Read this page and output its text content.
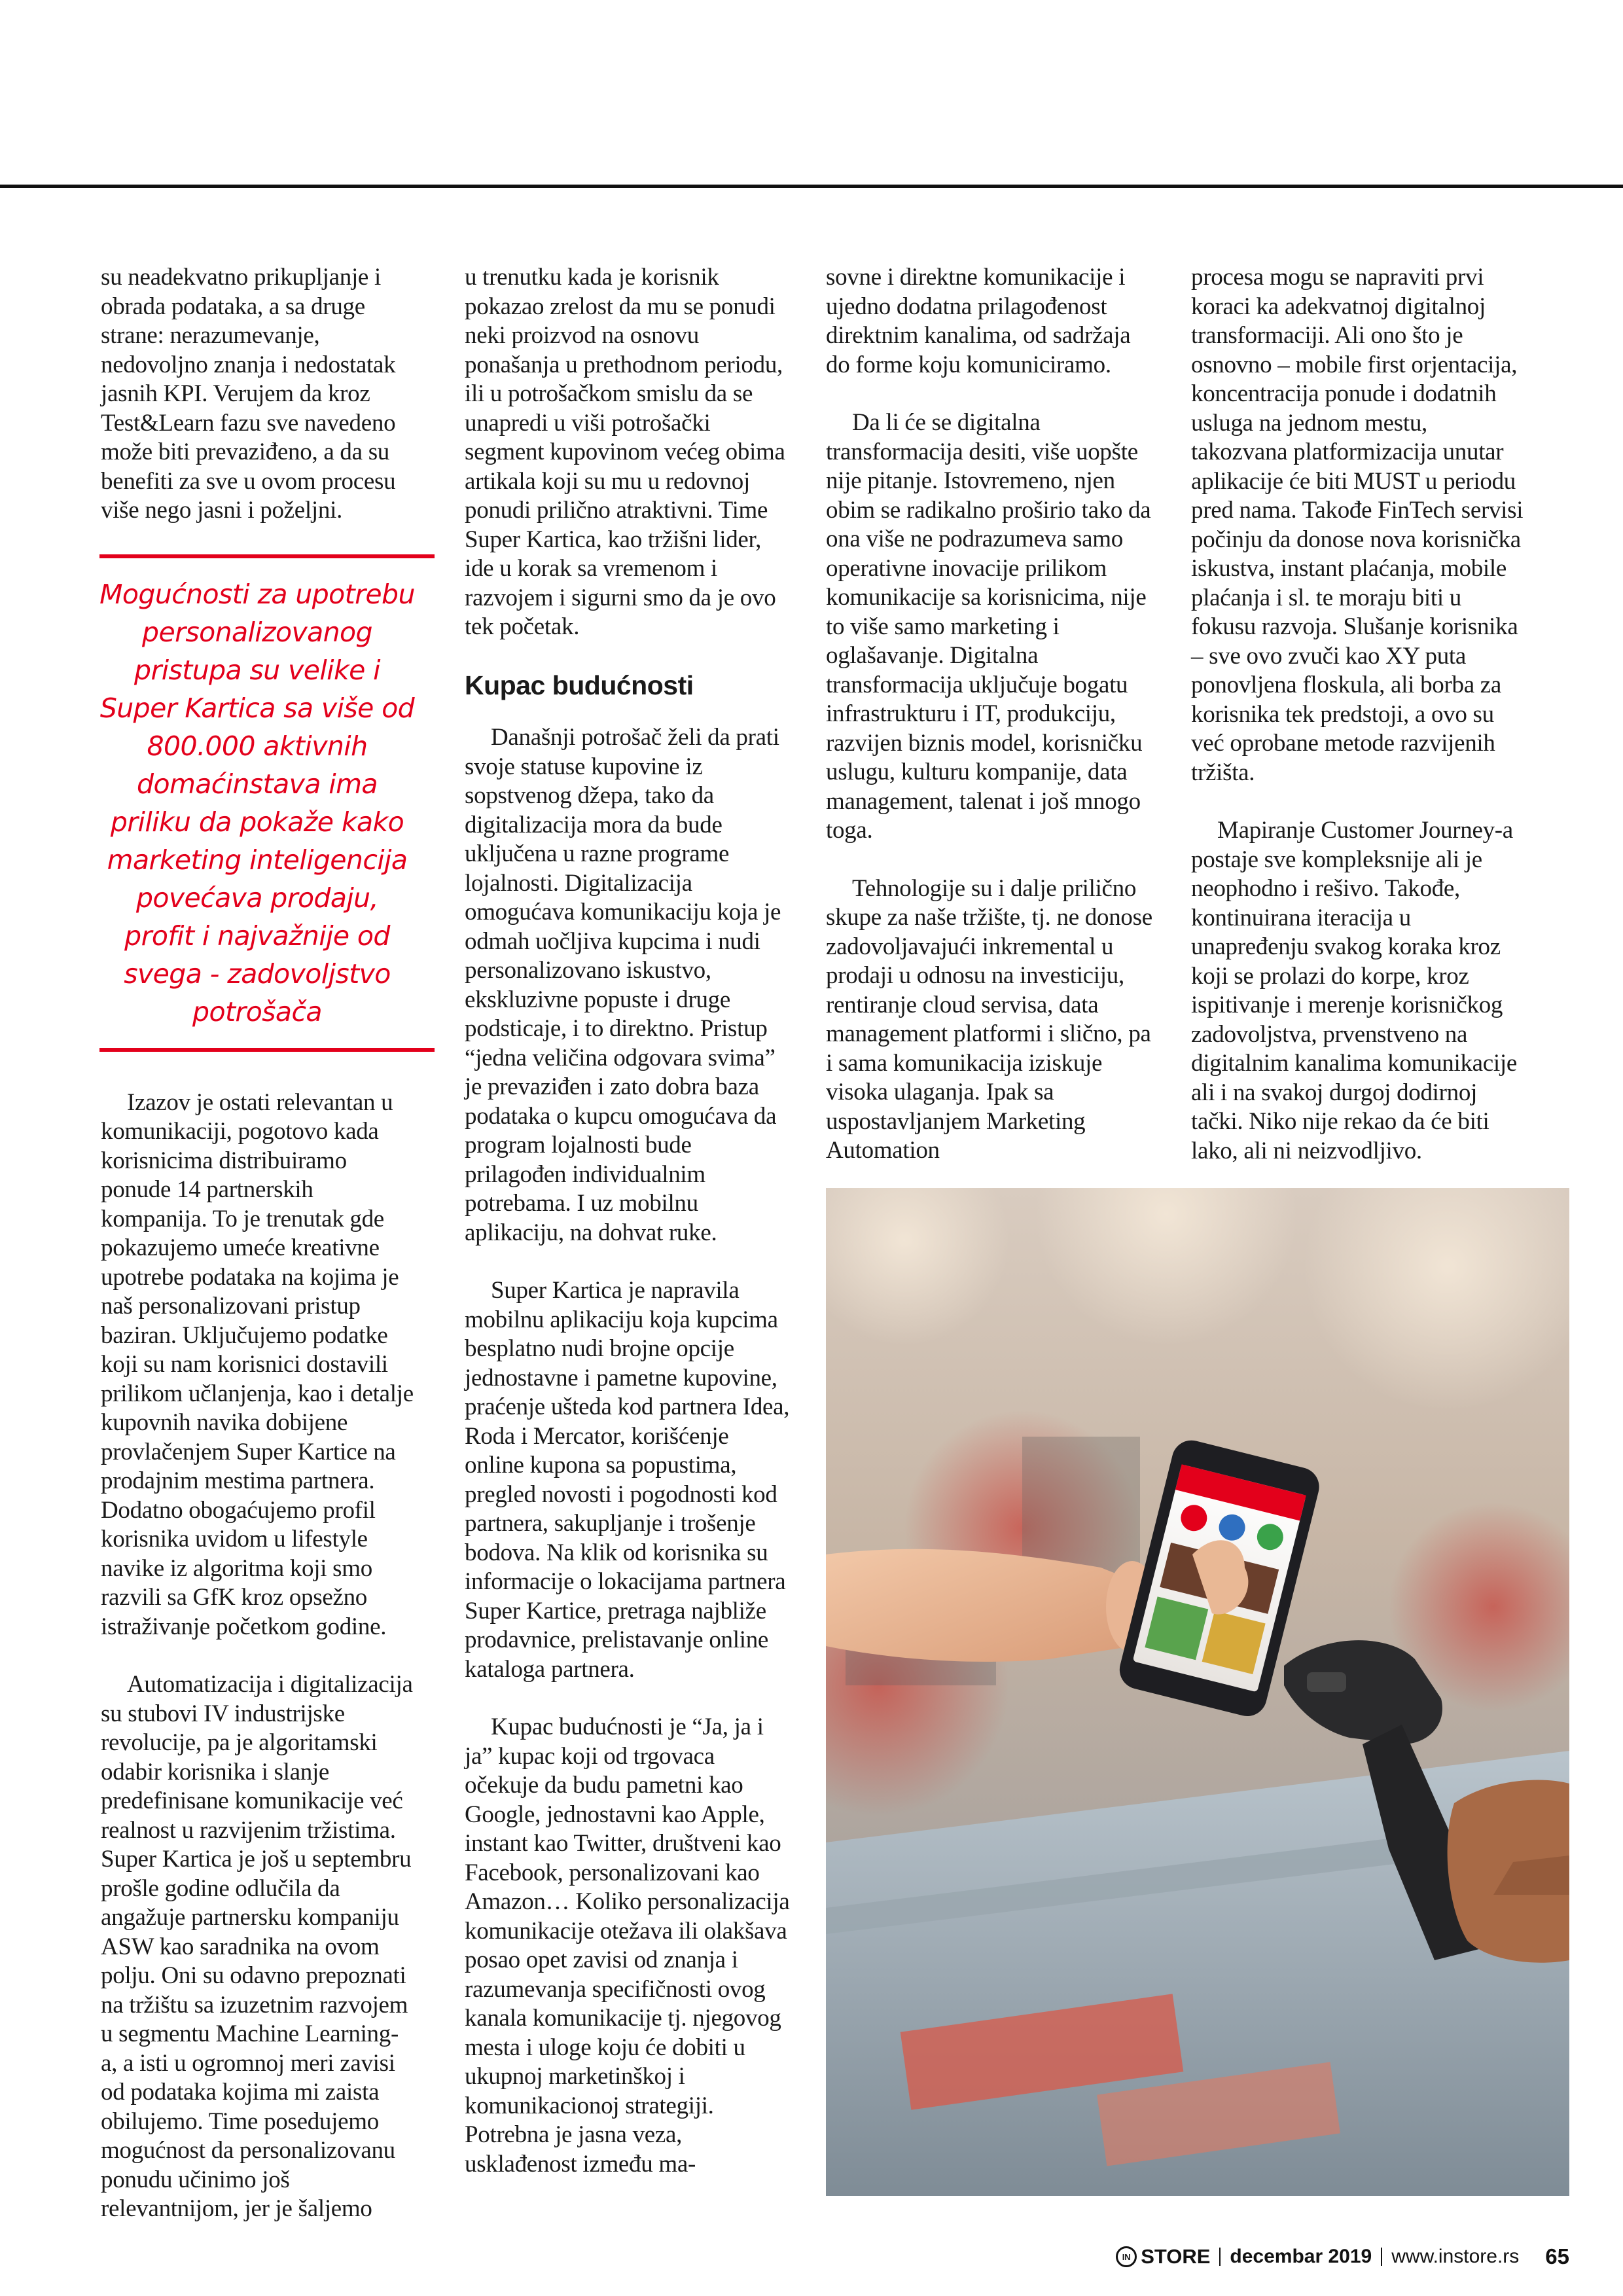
su neadekvatno prikupljanje i obrada podataka, a sa druge strane: nerazumevanje, nedovoljno znanja i nedostatak jasnih KPI. Verujem da kroz Test&Learn fazu sve navedeno može biti prevaziđeno, a da su benefiti za sve u ovom procesu više nego jasni i poželjni.

Mogućnosti za upotrebu personalizovanog pristupa su velike i Super Kartica sa više od 800.000 aktivnih domaćinstava ima priliku da pokaže kako marketing inteligencija povećava prodaju, profit i najvažnije od svega - zadovoljstvo potrošača

Izazov je ostati relevantan u komunikaciji, pogotovo kada korisnicima distribuiramo ponude 14 partnerskih kompanija. To je trenutak gde pokazujemo umeće kreativne upotrebe podataka na kojima je naš personalizovani pristup baziran. Uključujemo podatke koji su nam korisnici dostavili prilikom učlanjenja, kao i detalje kupovnih navika dobijene provlačenjem Super Kartice na prodajnim mestima partnera. Dodatno obogaćujemo profil korisnika uvidom u lifestyle navike iz algoritma koji smo razvili sa GfK kroz opsežno istraživanje početkom godine.

Automatizacija i digitalizacija su stubovi IV industrijske revolucije, pa je algoritamski odabir korisnika i slanje predefinisane komunikacije već realnost u razvijenim tržistima. Super Kartica je još u septembru prošle godine odlučila da angažuje partnersku kompaniju ASW kao saradnika na ovom polju. Oni su odavno prepoznati na tržištu sa izuzetnim razvojem u segmentu Machine Learning-a, a isti u ogromnoj meri zavisi od podataka kojima mi zaista obilujemo. Time posedujemo mogućnost da personalizovanu ponudu učinimo još relevantnijom, jer je šaljemo

u trenutku kada je korisnik pokazao zrelost da mu se ponudi neki proizvod na osnovu ponašanja u prethodnom periodu, ili u potrošačkom smislu da se unapredi u viši potrošački segment kupovinom većeg obima artikala koji su mu u redovnoj ponudi prilično atraktivni. Time Super Kartica, kao tržišni lider, ide u korak sa vremenom i razvojem i sigurni smo da je ovo tek početak.

Kupac budućnosti

Današnji potrošač želi da prati svoje statuse kupovine iz sopstvenog džepa, tako da digitalizacija mora da bude uključena u razne programe lojalnosti. Digitalizacija omogućava komunikaciju koja je odmah uočljiva kupcima i nudi personalizovano iskustvo, ekskluzivne popuste i druge podsticaje, i to direktno. Pristup “jedna veličina odgovara svima” je prevaziđen i zato dobra baza podataka o kupcu omogućava da program lojalnosti bude prilagođen individualnim potrebama. I uz mobilnu aplikaciju, na dohvat ruke.

Super Kartica je napravila mobilnu aplikaciju koja kupcima besplatno nudi brojne opcije jednostavne i pametne kupovine, praćenje ušteda kod partnera Idea, Roda i Mercator, korišćenje online kupona sa popustima, pregled novosti i pogodnosti kod partnera, sakupljanje i trošenje bodova. Na klik od korisnika su informacije o lokacijama partnera Super Kartice, pretraga najbliže prodavnice, prelistavanje online kataloga partnera.

Kupac budućnosti je “Ja, ja i ja” kupac koji od trgovaca očekuje da budu pametni kao Google, jednostavni kao Apple, instant kao Twitter, društveni kao Facebook, personalizovani kao Amazon… Koliko personalizacija komunikacije otežava ili olakšava posao opet zavisi od znanja i razumevanja specifičnosti ovog kanala komunikacije tj. njegovog mesta i uloge koju će dobiti u ukupnoj marketinškoj i komunikacionoj strategiji. Potrebna je jasna veza, usklađenost između ma-

sovne i direktne komunikacije i ujedno dodatna prilagođenost direktnim kanalima, od sadržaja do forme koju komuniciramo.

Da li će se digitalna transformacija desiti, više uopšte nije pitanje. Istovremeno, njen obim se radikalno proširio tako da ona više ne podrazumeva samo operativne inovacije prilikom komunikacije sa korisnicima, nije to više samo marketing i oglašavanje. Digitalna transformacija uključuje bogatu infrastrukturu i IT, produkciju, razvijen biznis model, korisničku uslugu, kulturu kompanije, data management, talenat i još mnogo toga.

Tehnologije su i dalje prilično skupe za naše tržište, tj. ne donose zadovoljavajući inkremental u prodaji u odnosu na investiciju, rentiranje cloud servisa, data management platformi i slično, pa i sama komunikacija iziskuje visoka ulaganja. Ipak sa uspostavljanjem Marketing Automation

procesa mogu se napraviti prvi koraci ka adekvatnoj digitalnoj transformaciji. Ali ono što je osnovno – mobile first orjentacija, koncentracija ponude i dodatnih usluga na jednom mestu, takozvana platformizacija unutar aplikacije će biti MUST u periodu pred nama. Takođe FinTech servisi počinju da donose nova korisnička iskustva, instant plaćanja, mobile plaćanja i sl. te moraju biti u fokusu razvoja. Slušanje korisnika – sve ovo zvuči kao XY puta ponovljena floskula, ali borba za korisnika tek predstoji, a ovo su već oprobane metode razvijenih tržišta.

Mapiranje Customer Journey-a postaje sve kompleksnije ali je neophodno i rešivo. Takođe, kontinuirana iteracija u unapređenju svakog koraka kroz koji se prolazi do korpe, kroz ispitivanje i merenje korisničkog zadovoljstva, prvenstveno na digitalnim kanalima komunikacije ali i na svakoj durgoj dodirnoj tački. Niko nije rekao da će biti lako, ali ni neizvodljivo.

IN STORE decembar 2019 www.instore.rs 65
